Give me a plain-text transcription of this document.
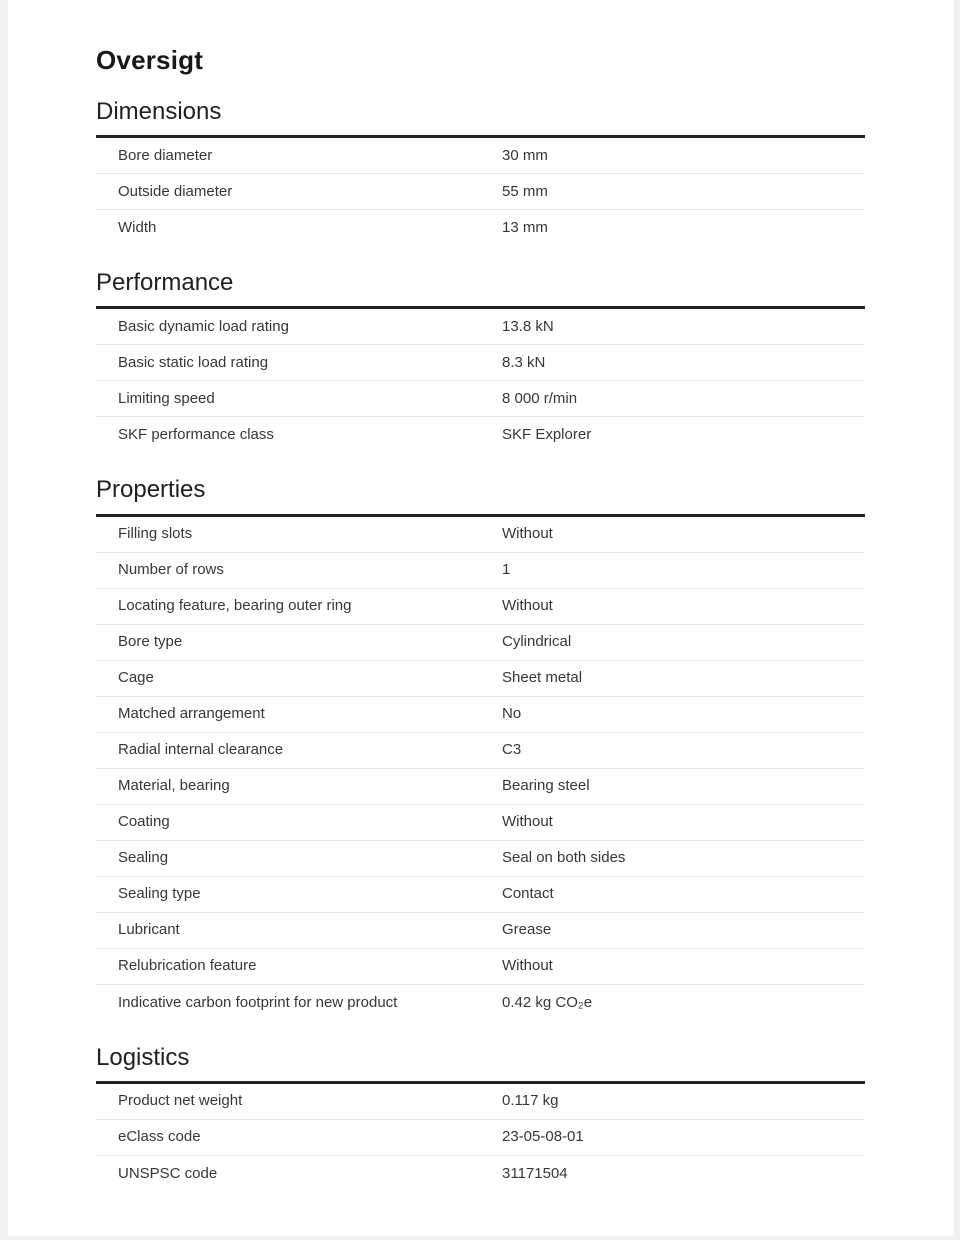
Oversigt
Dimensions
Bore diameter	30 mm
Outside diameter	55 mm
Width	13 mm
Performance
Basic dynamic load rating	13.8 kN
Basic static load rating	8.3 kN
Limiting speed	8 000 r/min
SKF performance class	SKF Explorer
Properties
Filling slots	Without
Number of rows	1
Locating feature, bearing outer ring	Without
Bore type	Cylindrical
Cage	Sheet metal
Matched arrangement	No
Radial internal clearance	C3
Material, bearing	Bearing steel
Coating	Without
Sealing	Seal on both sides
Sealing type	Contact
Lubricant	Grease
Relubrication feature	Without
Indicative carbon footprint for new product	0.42 kg CO₂e
Logistics
Product net weight	0.117 kg
eClass code	23-05-08-01
UNSPSC code	31171504
